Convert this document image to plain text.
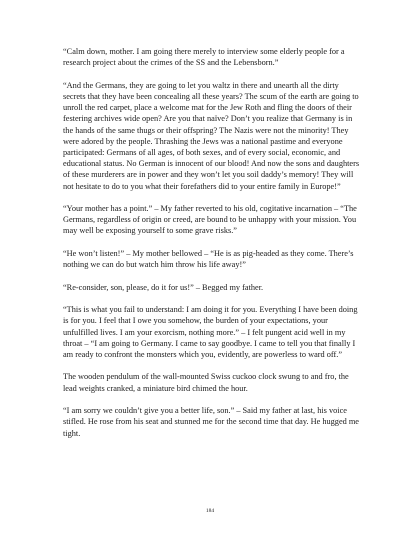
“Calm down, mother. I am going there merely to interview some elderly people for a research project about the crimes of the SS and the Lebensborn.”

“And the Germans, they are going to let you waltz in there and unearth all the dirty secrets that they have been concealing all these years? The scum of the earth are going to unroll the red carpet, place a welcome mat for the Jew Roth and fling the doors of their festering archives wide open? Are you that naïve? Don’t you realize that Germany is in the hands of the same thugs or their offspring? The Nazis were not the minority! They were adored by the people. Thrashing the Jews was a national pastime and everyone participated: Germans of all ages, of both sexes, and of every social, economic, and educational status. No German is innocent of our blood! And now the sons and daughters of these murderers are in power and they won’t let you soil daddy’s memory! They will not hesitate to do to you what their forefathers did to your entire family in Europe!”

“Your mother has a point.” – My father reverted to his old, cogitative incarnation – “The Germans, regardless of origin or creed, are bound to be unhappy with your mission. You may well be exposing yourself to some grave risks.”

“He won’t listen!” – My mother bellowed – “He is as pig-headed as they come. There’s nothing we can do but watch him throw his life away!”

“Re-consider, son, please, do it for us!” – Begged my father.

“This is what you fail to understand: I am doing it for you. Everything I have been doing is for you. I feel that I owe you somehow, the burden of your expectations, your unfulfilled lives. I am your exorcism, nothing more.” – I felt pungent acid well in my throat – “I am going to Germany. I came to say goodbye. I came to tell you that finally I am ready to confront the monsters which you, evidently, are powerless to ward off.”

The wooden pendulum of the wall-mounted Swiss cuckoo clock swung to and fro, the lead weights cranked, a miniature bird chimed the hour.

“I am sorry we couldn’t give you a better life, son.” – Said my father at last, his voice stifled. He rose from his seat and stunned me for the second time that day. He hugged me tight.

184
